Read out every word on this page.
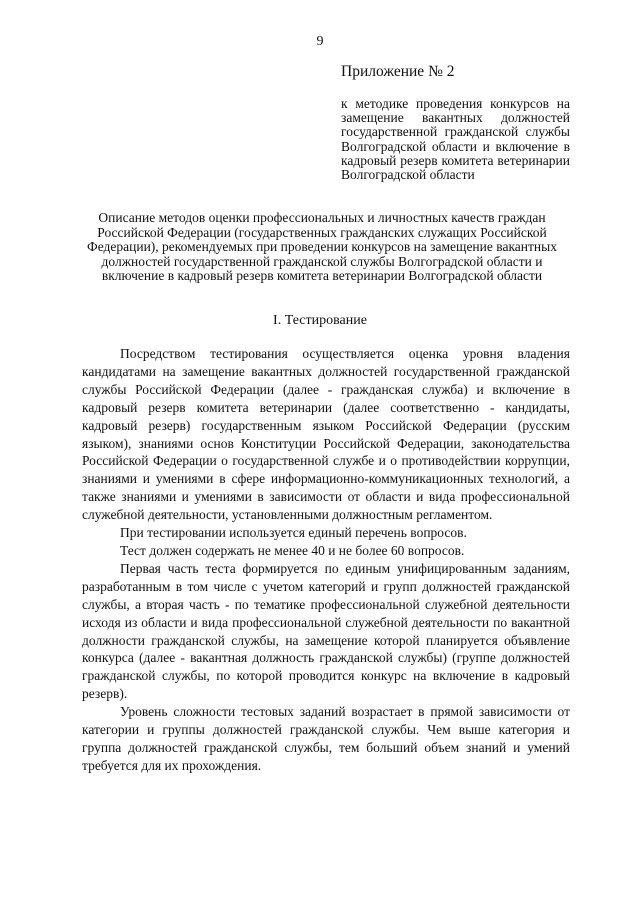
9

Приложение № 2

к методике проведения конкурсов на замещение вакантных должностей государственной гражданской службы Волгоградской области и включение в кадровый резерв комитета ветеринарии Волгоградской области

Описание методов оценки профессиональных и личностных качеств граждан Российской Федерации (государственных гражданских служащих Российской Федерации), рекомендуемых при проведении конкурсов на замещение вакантных должностей государственной гражданской службы Волгоградской области и включение в кадровый резерв комитета ветеринарии Волгоградской области

I. Тестирование

Посредством тестирования осуществляется оценка уровня владения кандидатами на замещение вакантных должностей государственной гражданской службы Российской Федерации (далее - гражданская служба) и включение в кадровый резерв комитета ветеринарии (далее соответственно - кандидаты, кадровый резерв) государственным языком Российской Федерации (русским языком), знаниями основ Конституции Российской Федерации, законодательства Российской Федерации о государственной службе и о противодействии коррупции, знаниями и умениями в сфере информационно-коммуникационных технологий, а также знаниями и умениями в зависимости от области и вида профессиональной служебной деятельности, установленными должностным регламентом.

При тестировании используется единый перечень вопросов.

Тест должен содержать не менее 40 и не более 60 вопросов.

Первая часть теста формируется по единым унифицированным заданиям, разработанным в том числе с учетом категорий и групп должностей гражданской службы, а вторая часть - по тематике профессиональной служебной деятельности исходя из области и вида профессиональной служебной деятельности по вакантной должности гражданской службы, на замещение которой планируется объявление конкурса (далее - вакантная должность гражданской службы) (группе должностей гражданской службы, по которой проводится конкурс на включение в кадровый резерв).

Уровень сложности тестовых заданий возрастает в прямой зависимости от категории и группы должностей гражданской службы. Чем выше категория и группа должностей гражданской службы, тем больший объем знаний и умений требуется для их прохождения.
